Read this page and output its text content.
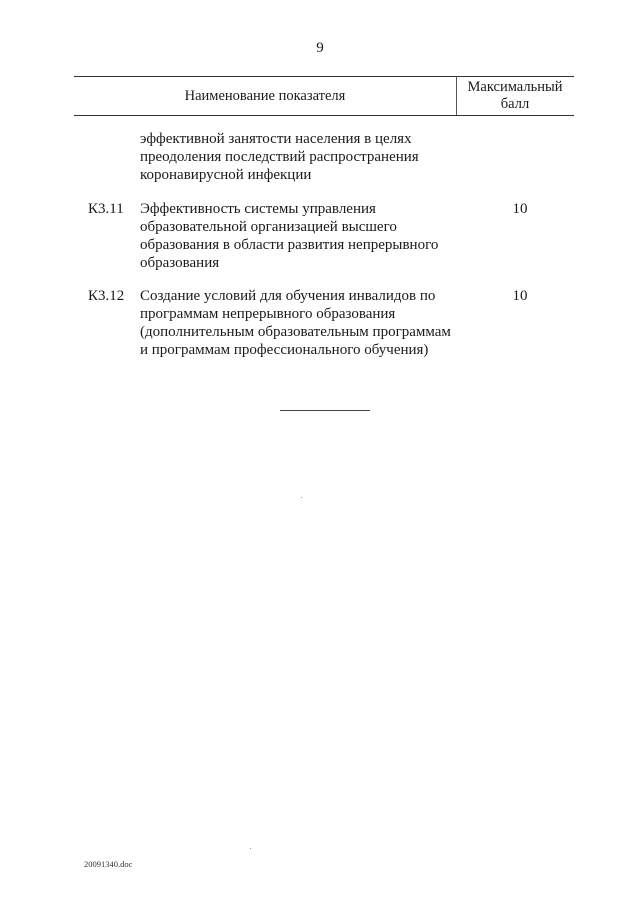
9
Наименование показателя
Максимальный балл
эффективной занятости населения в целях
преодоления последствий распространения
коронавирусной инфекции
К3.11 Эффективность системы управления
образовательной организацией высшего
образования в области развития непрерывного
образования
10
К3.12 Создание условий для обучения инвалидов по
программам непрерывного образования
(дополнительным образовательным программам
и программам профессионального обучения)
10
20091340.doc
